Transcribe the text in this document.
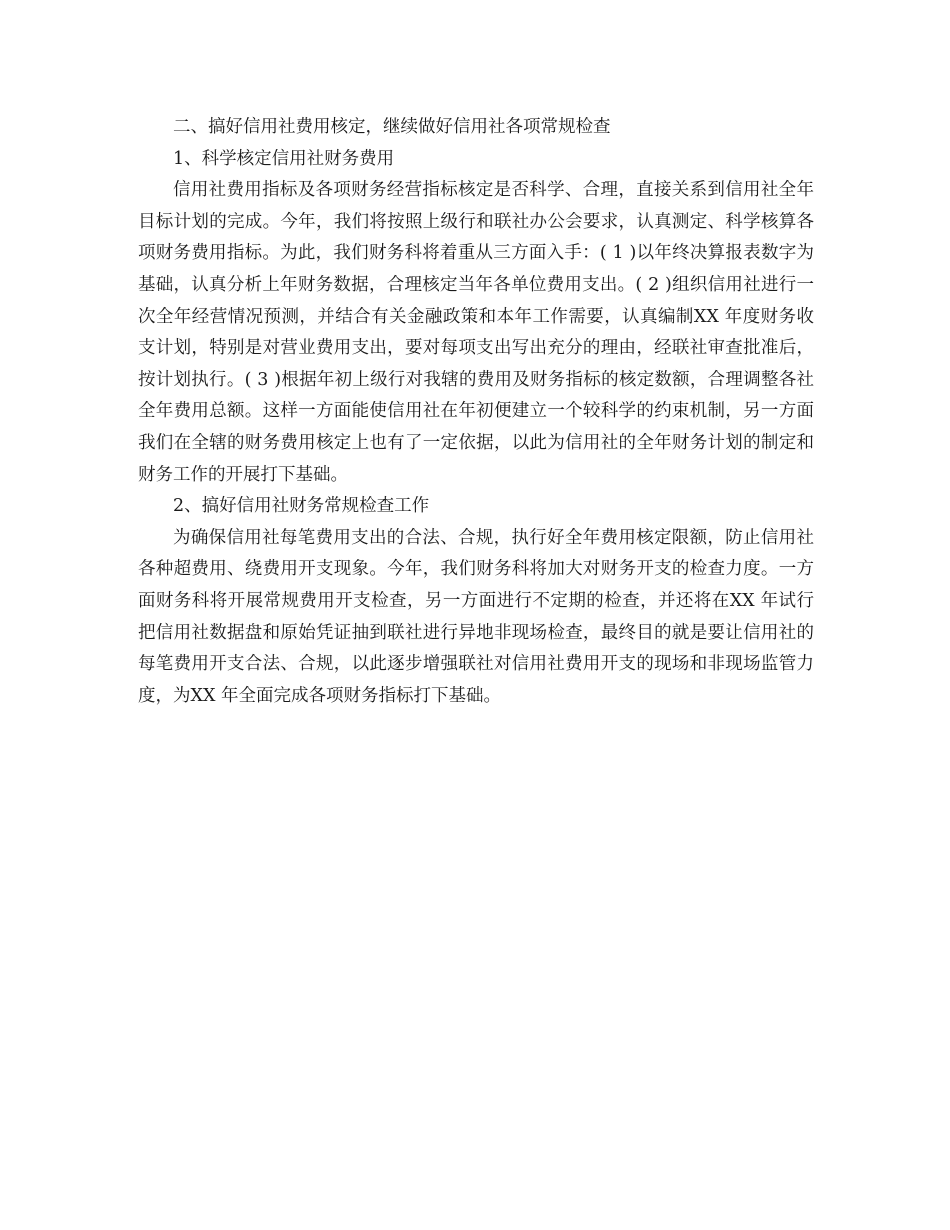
二、搞好信用社费用核定，继续做好信用社各项常规检查

1、科学核定信用社财务费用

信用社费用指标及各项财务经营指标核定是否科学、合理，直接关系到信用社全年目标计划的完成。今年，我们将按照上级行和联社办公会要求，认真测定、科学核算各项财务费用指标。为此，我们财务科将着重从三方面入手：( 1 )以年终决算报表数字为基础，认真分析上年财务数据，合理核定当年各单位费用支出。( 2 )组织信用社进行一次全年经营情况预测，并结合有关金融政策和本年工作需要，认真编制XX 年度财务收支计划，特别是对营业费用支出，要对每项支出写出充分的理由，经联社审查批准后，按计划执行。( 3 )根据年初上级行对我辖的费用及财务指标的核定数额，合理调整各社全年费用总额。这样一方面能使信用社在年初便建立一个较科学的约束机制，另一方面我们在全辖的财务费用核定上也有了一定依据，以此为信用社的全年财务计划的制定和财务工作的开展打下基础。

2、搞好信用社财务常规检查工作

为确保信用社每笔费用支出的合法、合规，执行好全年费用核定限额，防止信用社各种超费用、绕费用开支现象。今年，我们财务科将加大对财务开支的检查力度。一方面财务科将开展常规费用开支检查，另一方面进行不定期的检查，并还将在XX 年试行把信用社数据盘和原始凭证抽到联社进行异地非现场检查，最终目的就是要让信用社的每笔费用开支合法、合规，以此逐步增强联社对信用社费用开支的现场和非现场监管力度，为XX 年全面完成各项财务指标打下基础。
